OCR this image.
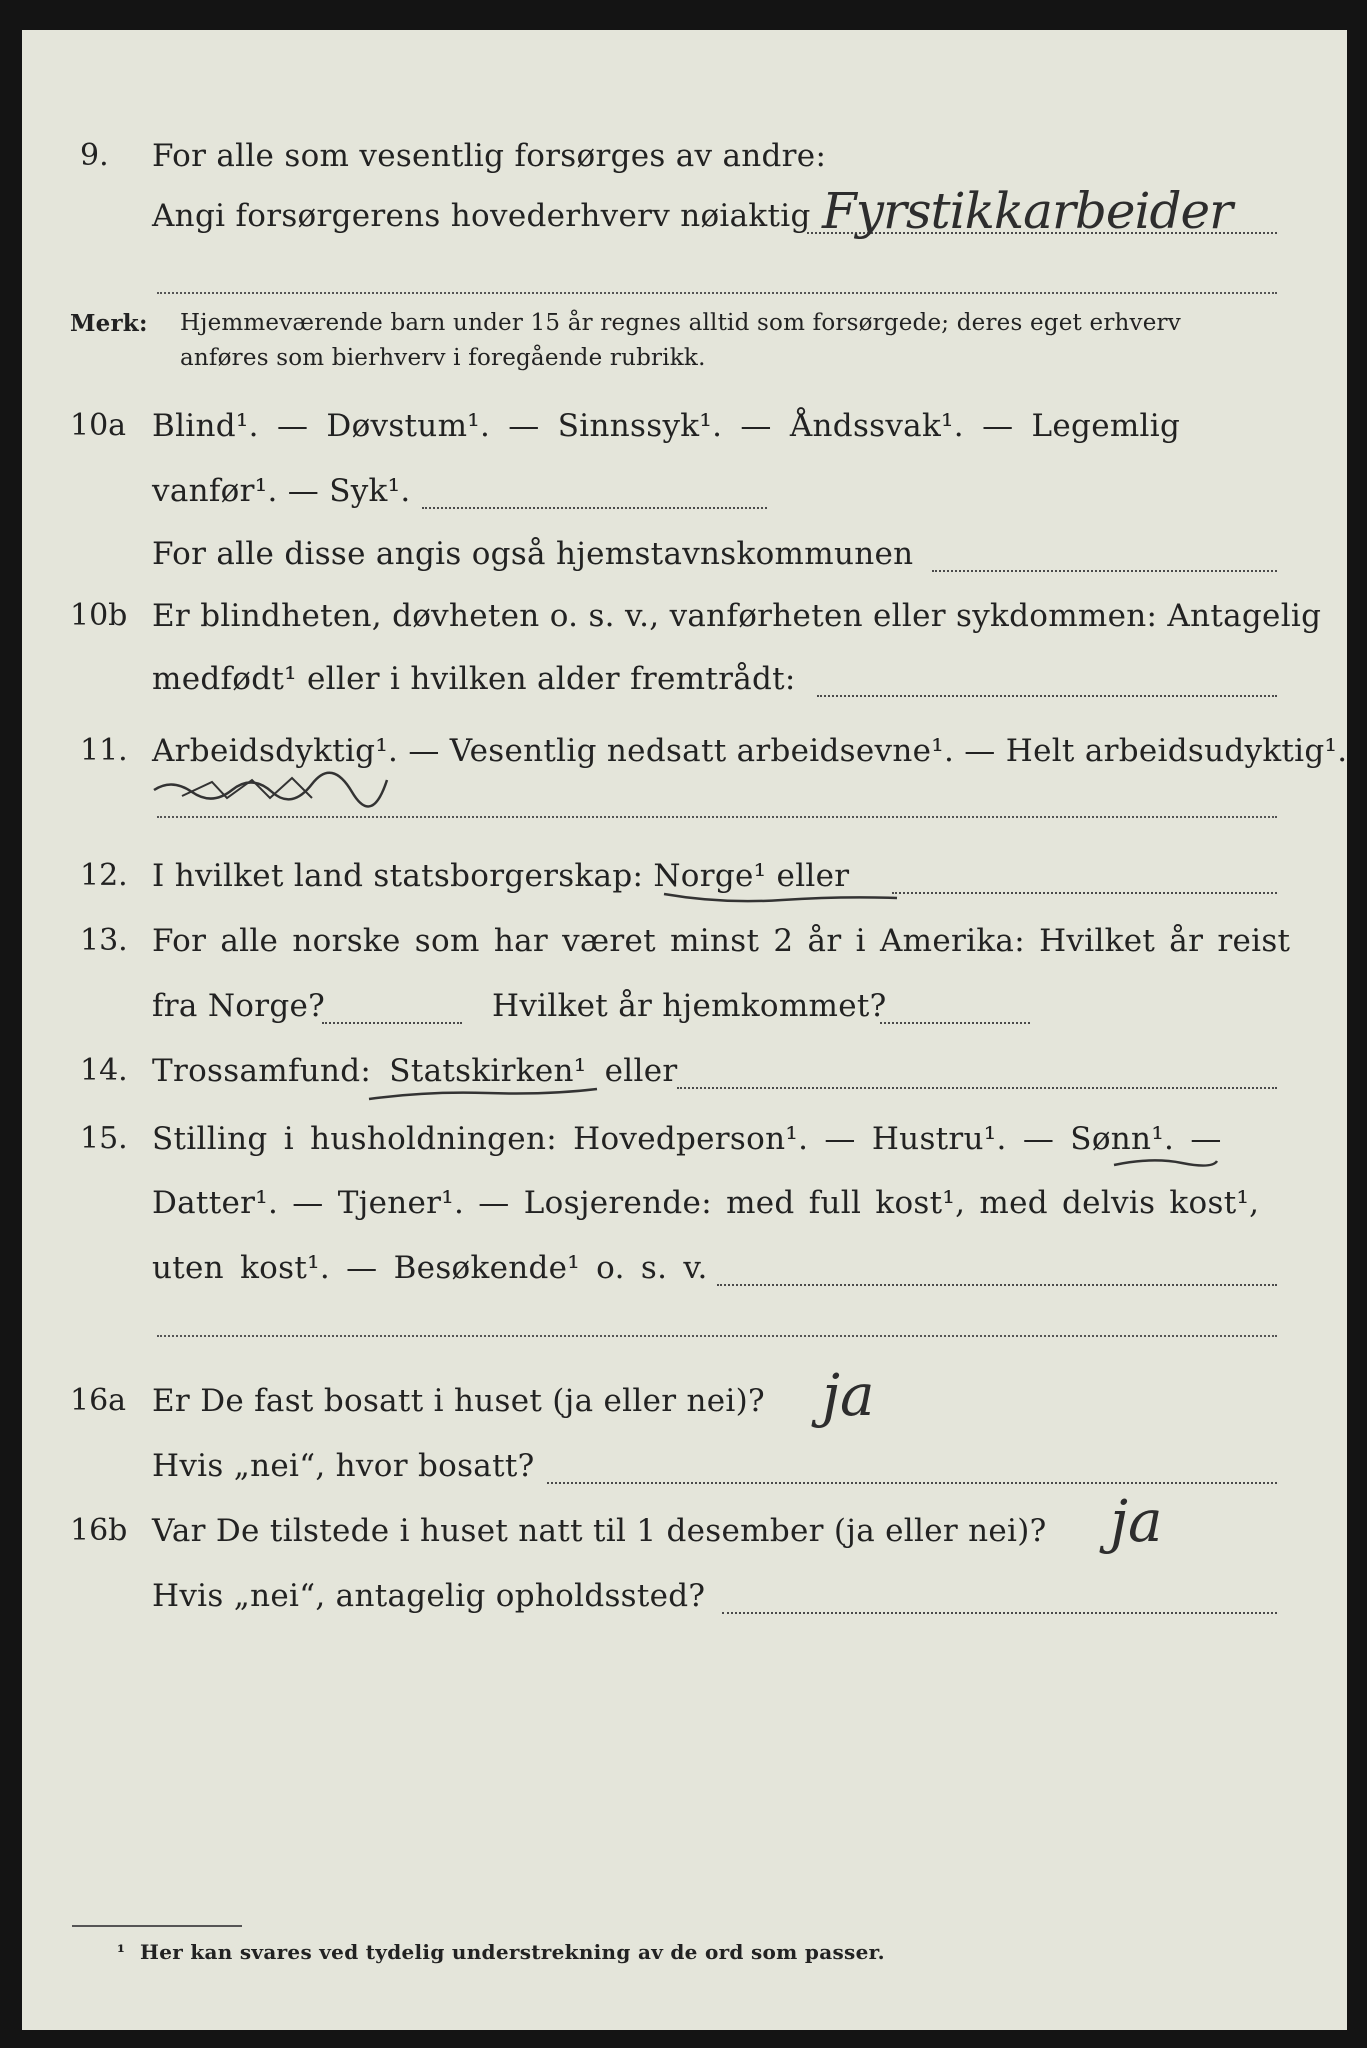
9. For alle som vesentlig forsørges av andre:
Angi forsørgerens hovederhverv nøiaktig Fyrstikkarbeider
Merk: Hjemmeværende barn under 15 år regnes alltid som forsørgede; deres eget erhverv
anføres som bierhverv i foregående rubrikk.
10a Blind¹. — Døvstum¹. — Sinnssyk¹. — Åndssvak¹. — Legemlig
vanfør¹. — Syk¹.
For alle disse angis også hjemstavnskommunen
10b Er blindheten, døvheten o. s. v., vanførheten eller sykdommen: Antagelig
medfødt¹ eller i hvilken alder fremtrådt:
11. Arbeidsdyktig¹. — Vesentlig nedsatt arbeidsevne¹. — Helt arbeidsudyktig¹.
12. I hvilket land statsborgerskap: Norge¹ eller
13. For alle norske som har været minst 2 år i Amerika: Hvilket år reist
fra Norge?	Hvilket år hjemkommet?
14. Trossamfund: Statskirken¹ eller
15. Stilling i husholdningen: Hovedperson¹. — Hustru¹. — Sønn¹. —
Datter¹. — Tjener¹. — Losjerende: med full kost¹, med delvis kost¹,
uten kost¹. — Besøkende¹ o. s. v.
16a Er De fast bosatt i huset (ja eller nei)? ja
Hvis „nei“, hvor bosatt?
16b Var De tilstede i huset natt til 1 desember (ja eller nei)? ja
Hvis „nei“, antagelig opholdssted?
¹ Her kan svares ved tydelig understrekning av de ord som passer.
